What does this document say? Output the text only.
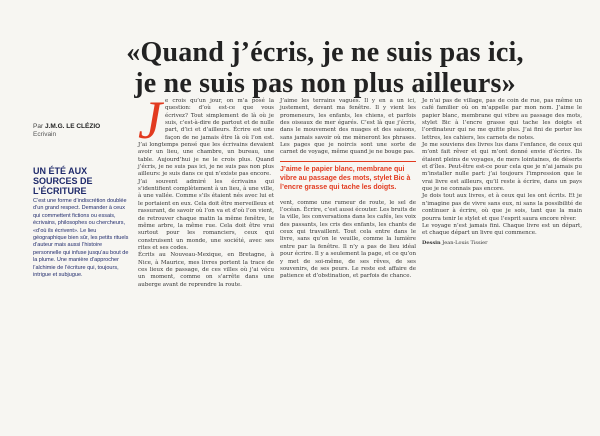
«Quand j’écris, je ne suis pas ici,
je ne suis pas non plus ailleurs»
Par J.M.G. LE CLÉZIO
Ecrivain
UN ÉTÉ AUX
SOURCES DE
L’ÉCRITURE
C’est une forme d’indiscrétion doublée d’un grand respect. Demander à ceux qui commettent fictions ou essais, écrivains, philosophes ou chercheurs, «d’où ils écrivent». Le lieu géographique bien sûr, les petits rituels d’auteur mais aussi l’histoire personnelle qui infuse jusqu’au bout de la plume. Une manière d’approcher l’alchimie de l’écriture qui, toujours, intrigue et subjugue.
J e crois qu’un jour, on m’a posé la question: d’où est-ce que vous écrivez? Tout simplement de là où je suis, c’est-à-dire de partout et de nulle part, d’ici et d’ailleurs. Écrire est une façon de ne jamais être là où l’on est. J’ai longtemps pensé que les écrivains devaient avoir un lieu, une chambre, un bureau, une table. Aujourd’hui je ne le crois plus. Quand j’écris, je ne suis pas ici, je ne suis pas non plus ailleurs: je suis dans ce qui n’existe pas encore.
J’ai souvent admiré les écrivains qui s’identifient complètement à un lieu, à une ville, à une vallée. Comme s’ils étaient nés avec lui et le portaient en eux. Cela doit être merveilleux et rassurant, de savoir où l’on va et d’où l’on vient, de retrouver chaque matin la même fenêtre, le même arbre, la même rue. Cela doit être vrai surtout pour les romanciers, ceux qui construisent un monde, une société, avec ses rites et ses codes.
Écrits au Nouveau-Mexique, en Bretagne, à Nice, à Maurice, mes livres portent la trace de ces lieux de passage, de ces villes où j’ai vécu un moment, comme on s’arrête dans une auberge avant de reprendre la route.
J’aime les terrains vagues. Il y en a un ici, justement, devant ma fenêtre. Il y vient les promeneurs, les enfants, les chiens, et parfois des oiseaux de mer égarés. C’est là que j’écris, dans le mouvement des nuages et des saisons, sans jamais savoir où me mèneront les phrases. Les pages que je noircis sont une sorte de carnet de voyage, même quand je ne bouge pas.
J’aime le papier blanc, membrane qui
vibre au passage des mots, stylet Bic à
l’encre grasse qui tache les doigts.
vent, comme une rumeur de route, le sel de l’océan. Écrire, c’est aussi écouter. Les bruits de la ville, les conversations dans les cafés, les voix des passants, les cris des enfants, les chants de ceux qui travaillent. Tout cela entre dans le livre, sans qu’on le veuille, comme la lumière entre par la fenêtre. Il n’y a pas de lieu idéal pour écrire. Il y a seulement la page, et ce qu’on y met de soi-même, de ses rêves, de ses souvenirs, de ses peurs. Le reste est affaire de patience et d’obstination, et parfois de chance.
Je n’ai pas de village, pas de coin de rue, pas même un café familier où on m’appelle par mon nom. J’aime le papier blanc, membrane qui vibre au passage des mots, stylet Bic à l’encre grasse qui tache les doigts et l’ordinateur qui ne me quitte plus. J’ai fini de porter les lettres, les cahiers, les carnets de notes.
Je me souviens des livres lus dans l’enfance, de ceux qui m’ont fait rêver et qui m’ont donné envie d’écrire. Ils étaient pleins de voyages, de mers lointaines, de déserts et d’îles. Peut-être est-ce pour cela que je n’ai jamais pu m’installer nulle part: j’ai toujours l’impression que le vrai livre est ailleurs, qu’il reste à écrire, dans un pays que je ne connais pas encore.
Je dois tout aux livres, et à ceux qui les ont écrits. Et je n’imagine pas de vivre sans eux, ni sans la possibilité de continuer à écrire, où que je sois, tant que la main pourra tenir le stylet et que l’esprit saura encore rêver.
Le voyage n’est jamais fini. Chaque livre est un départ, et chaque départ un livre qui commence.
Dessin Jean-Louis Tissier
